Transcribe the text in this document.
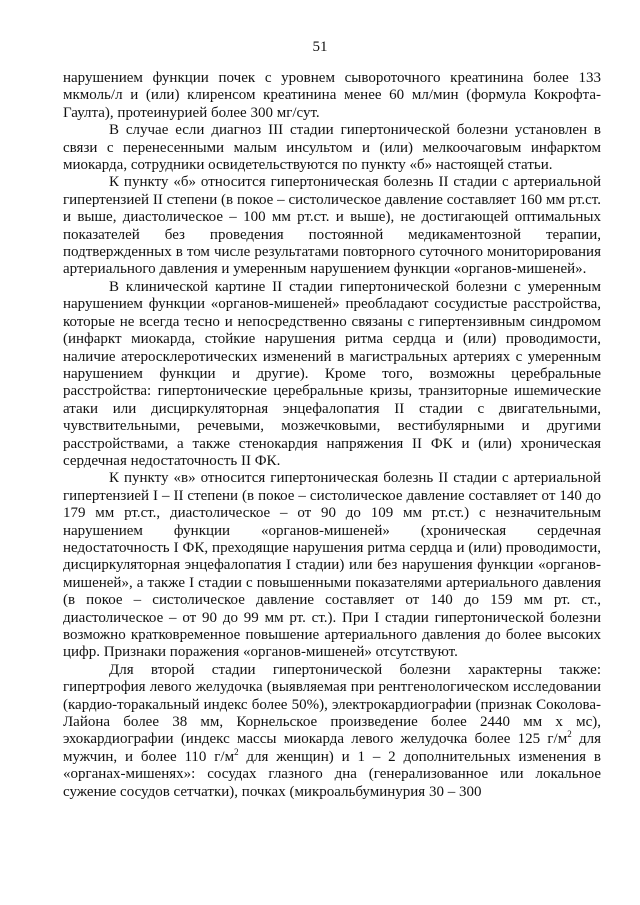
51

нарушением функции почек с уровнем сывороточного креатинина более 133 мкмоль/л и (или) клиренсом креатинина менее 60 мл/мин (формула Кокрофта-Гаулта), протеинурией более 300 мг/сут.

В случае если диагноз III стадии гипертонической болезни установлен в связи с перенесенными малым инсультом и (или) мелкоочаговым инфарктом миокарда, сотрудники освидетельствуются по пункту «б» настоящей статьи.

К пункту «б» относится гипертоническая болезнь II стадии с артериальной гипертензией II степени (в покое – систолическое давление составляет 160 мм рт.ст. и выше, диастолическое – 100 мм рт.ст. и выше), не достигающей оптимальных показателей без проведения постоянной медикаментозной терапии, подтвержденных в том числе результатами повторного суточного мониторирования артериального давления и умеренным нарушением функции «органов-мишеней».

В клинической картине II стадии гипертонической болезни с умеренным нарушением функции «органов-мишеней» преобладают сосудистые расстройства, которые не всегда тесно и непосредственно связаны с гипертензивным синдромом (инфаркт миокарда, стойкие нарушения ритма сердца и (или) проводимости, наличие атеросклеротических изменений в магистральных артериях с умеренным нарушением функции и другие). Кроме того, возможны церебральные расстройства: гипертонические церебральные кризы, транзиторные ишемические атаки или дисциркуляторная энцефалопатия II стадии с двигательными, чувствительными, речевыми, мозжечковыми, вестибулярными и другими расстройствами, а также стенокардия напряжения II ФК и (или) хроническая сердечная недостаточность II ФК.

К пункту «в» относится гипертоническая болезнь II стадии с артериальной гипертензией I – II степени (в покое – систолическое давление составляет от 140 до 179 мм рт.ст., диастолическое – от 90 до 109 мм рт.ст.) с незначительным нарушением функции «органов-мишеней» (хроническая сердечная недостаточность I ФК, преходящие нарушения ритма сердца и (или) проводимости, дисциркуляторная энцефалопатия I стадии) или без нарушения функции «органов-мишеней», а также I стадии с повышенными показателями артериального давления (в покое – систолическое давление составляет от 140 до 159 мм рт. ст., диастолическое – от 90 до 99 мм рт. ст.). При I стадии гипертонической болезни возможно кратковременное повышение артериального давления до более высоких цифр. Признаки поражения «органов-мишеней» отсутствуют.

Для второй стадии гипертонической болезни характерны также: гипертрофия левого желудочка (выявляемая при рентгенологическом исследовании (кардио-торакальный индекс более 50%), электрокардиографии (признак Соколова-Лайона более 38 мм, Корнельское произведение более 2440 мм х мс), эхокардиографии (индекс массы миокарда левого желудочка более 125 $г/м^2$ для мужчин, и более 110 $г/м^2$ для женщин) и 1 – 2 дополнительных изменения в «органах-мишенях»: сосудах глазного дна (генерализованное или локальное сужение сосудов сетчатки), почках (микроальбуминурия 30 – 300
